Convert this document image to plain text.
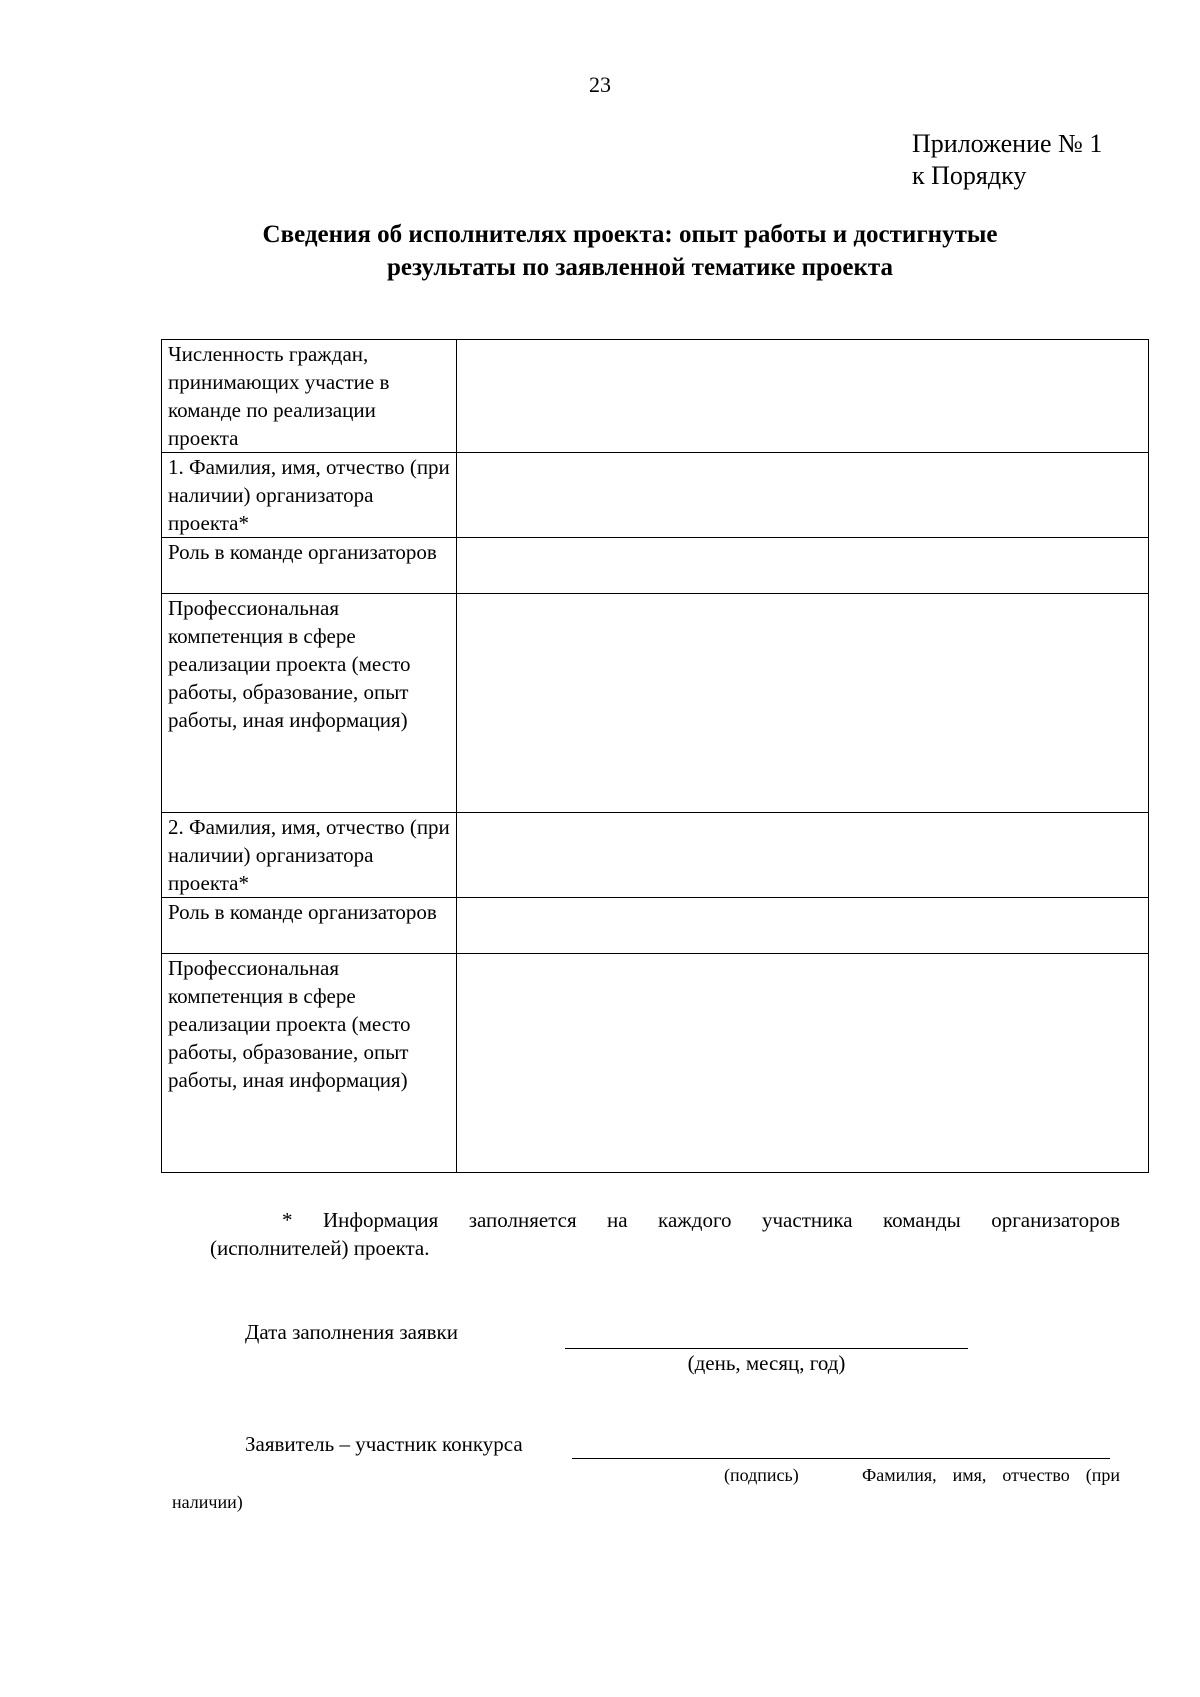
23
Приложение № 1
к Порядку
Сведения об исполнителях проекта: опыт работы и достигнутые
результаты по заявленной тематике проекта
Численность граждан, принимающих участие в команде по реализации проекта	
1. Фамилия, имя, отчество (при наличии) организатора проекта*	
Роль в команде организаторов	
Профессиональная компетенция в сфере реализации проекта (место работы, образование, опыт работы, иная информация)	
2. Фамилия, имя, отчество (при наличии) организатора проекта*	
Роль в команде организаторов	
Профессиональная компетенция в сфере реализации проекта (место работы, образование, опыт работы, иная информация)	
* Информация заполняется на каждого участника команды организаторов
(исполнителей) проекта.
Дата заполнения заявки
(день, месяц, год)
Заявитель – участник конкурса
(подпись)	Фамилия, имя, отчество (при
наличии)
